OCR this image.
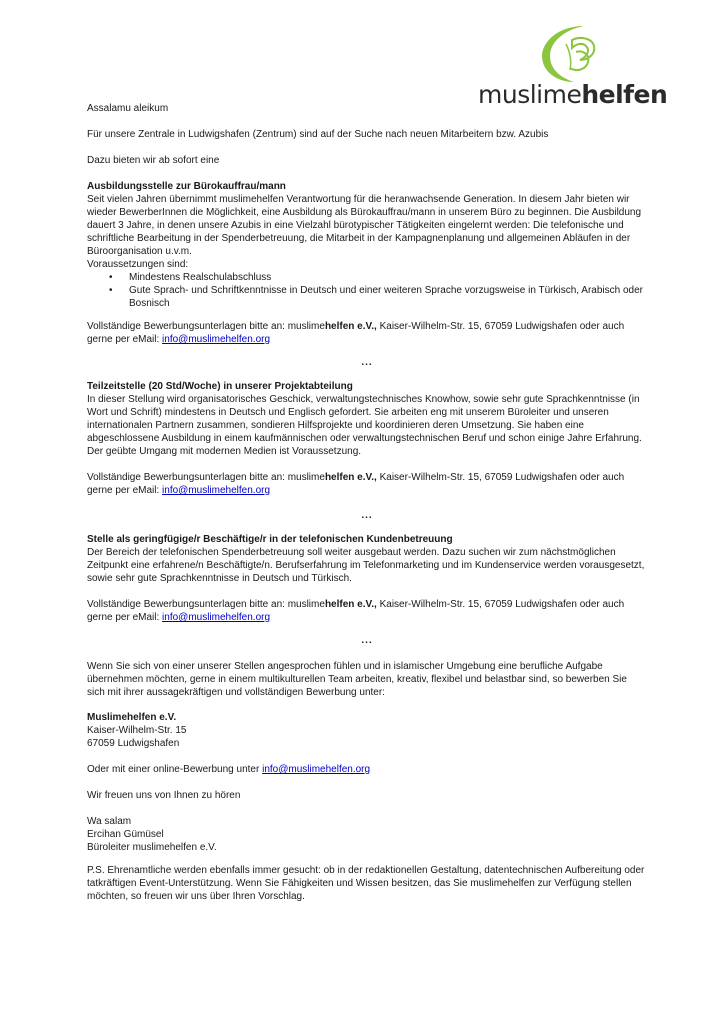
muslimehelfen
Assalamu aleikum
Für unsere Zentrale in Ludwigshafen (Zentrum) sind auf der Suche nach neuen Mitarbeitern bzw. Azubis
Dazu bieten wir ab sofort eine
Ausbildungsstelle zur Bürokauffrau/mann
Seit vielen Jahren übernimmt muslimehelfen Verantwortung für die heranwachsende Generation. In diesem Jahr bieten wir wieder BewerberInnen die Möglichkeit, eine Ausbildung als Bürokauffrau/mann in unserem Büro zu beginnen. Die Ausbildung dauert 3 Jahre, in denen unsere Azubis in eine Vielzahl bürotypischer Tätigkeiten eingelernt werden: Die telefonische und schriftliche Bearbeitung in der Spenderbetreuung, die Mitarbeit in der Kampagnenplanung und allgemeinen Abläufen in der Büroorganisation u.v.m.
Voraussetzungen sind:
• Mindestens Realschulabschluss
• Gute Sprach- und Schriftkenntnisse in Deutsch und einer weiteren Sprache vorzugsweise in Türkisch, Arabisch oder Bosnisch
Vollständige Bewerbungsunterlagen bitte an: muslimehelfen e.V., Kaiser-Wilhelm-Str. 15, 67059 Ludwigshafen oder auch gerne per eMail: info@muslimehelfen.org
...
Teilzeitstelle (20 Std/Woche) in unserer Projektabteilung
In dieser Stellung wird organisatorisches Geschick, verwaltungstechnisches Knowhow, sowie sehr gute Sprachkenntnisse (in Wort und Schrift) mindestens in Deutsch und Englisch gefordert. Sie arbeiten eng mit unserem Büroleiter und unseren internationalen Partnern zusammen, sondieren Hilfsprojekte und koordinieren deren Umsetzung. Sie haben eine abgeschlossene Ausbildung in einem kaufmännischen oder verwaltungstechnischen Beruf und schon einige Jahre Erfahrung. Der geübte Umgang mit modernen Medien ist Voraussetzung.
Vollständige Bewerbungsunterlagen bitte an: muslimehelfen e.V., Kaiser-Wilhelm-Str. 15, 67059 Ludwigshafen oder auch gerne per eMail: info@muslimehelfen.org
...
Stelle als geringfügige/r Beschäftige/r in der telefonischen Kundenbetreuung
Der Bereich der telefonischen Spenderbetreuung soll weiter ausgebaut werden. Dazu suchen wir zum nächstmöglichen Zeitpunkt eine erfahrene/n Beschäftigte/n. Berufserfahrung im Telefonmarketing und im Kundenservice werden vorausgesetzt, sowie sehr gute Sprachkenntnisse in Deutsch und Türkisch.
Vollständige Bewerbungsunterlagen bitte an: muslimehelfen e.V., Kaiser-Wilhelm-Str. 15, 67059 Ludwigshafen oder auch gerne per eMail: info@muslimehelfen.org
...
Wenn Sie sich von einer unserer Stellen angesprochen fühlen und in islamischer Umgebung eine berufliche Aufgabe übernehmen möchten, gerne in einem multikulturellen Team arbeiten, kreativ, flexibel und belastbar sind, so bewerben Sie sich mit ihrer aussagekräftigen und vollständigen Bewerbung unter:
Muslimehelfen e.V.
Kaiser-Wilhelm-Str. 15
67059 Ludwigshafen
Oder mit einer online-Bewerbung unter info@muslimehelfen.org
Wir freuen uns von Ihnen zu hören
Wa salam
Ercihan Gümüsel
Büroleiter muslimehelfen e.V.
P.S. Ehrenamtliche werden ebenfalls immer gesucht: ob in der redaktionellen Gestaltung, datentechnischen Aufbereitung oder tatkräftigen Event-Unterstützung. Wenn Sie Fähigkeiten und Wissen besitzen, das Sie muslimehelfen zur Verfügung stellen möchten, so freuen wir uns über Ihren Vorschlag.
